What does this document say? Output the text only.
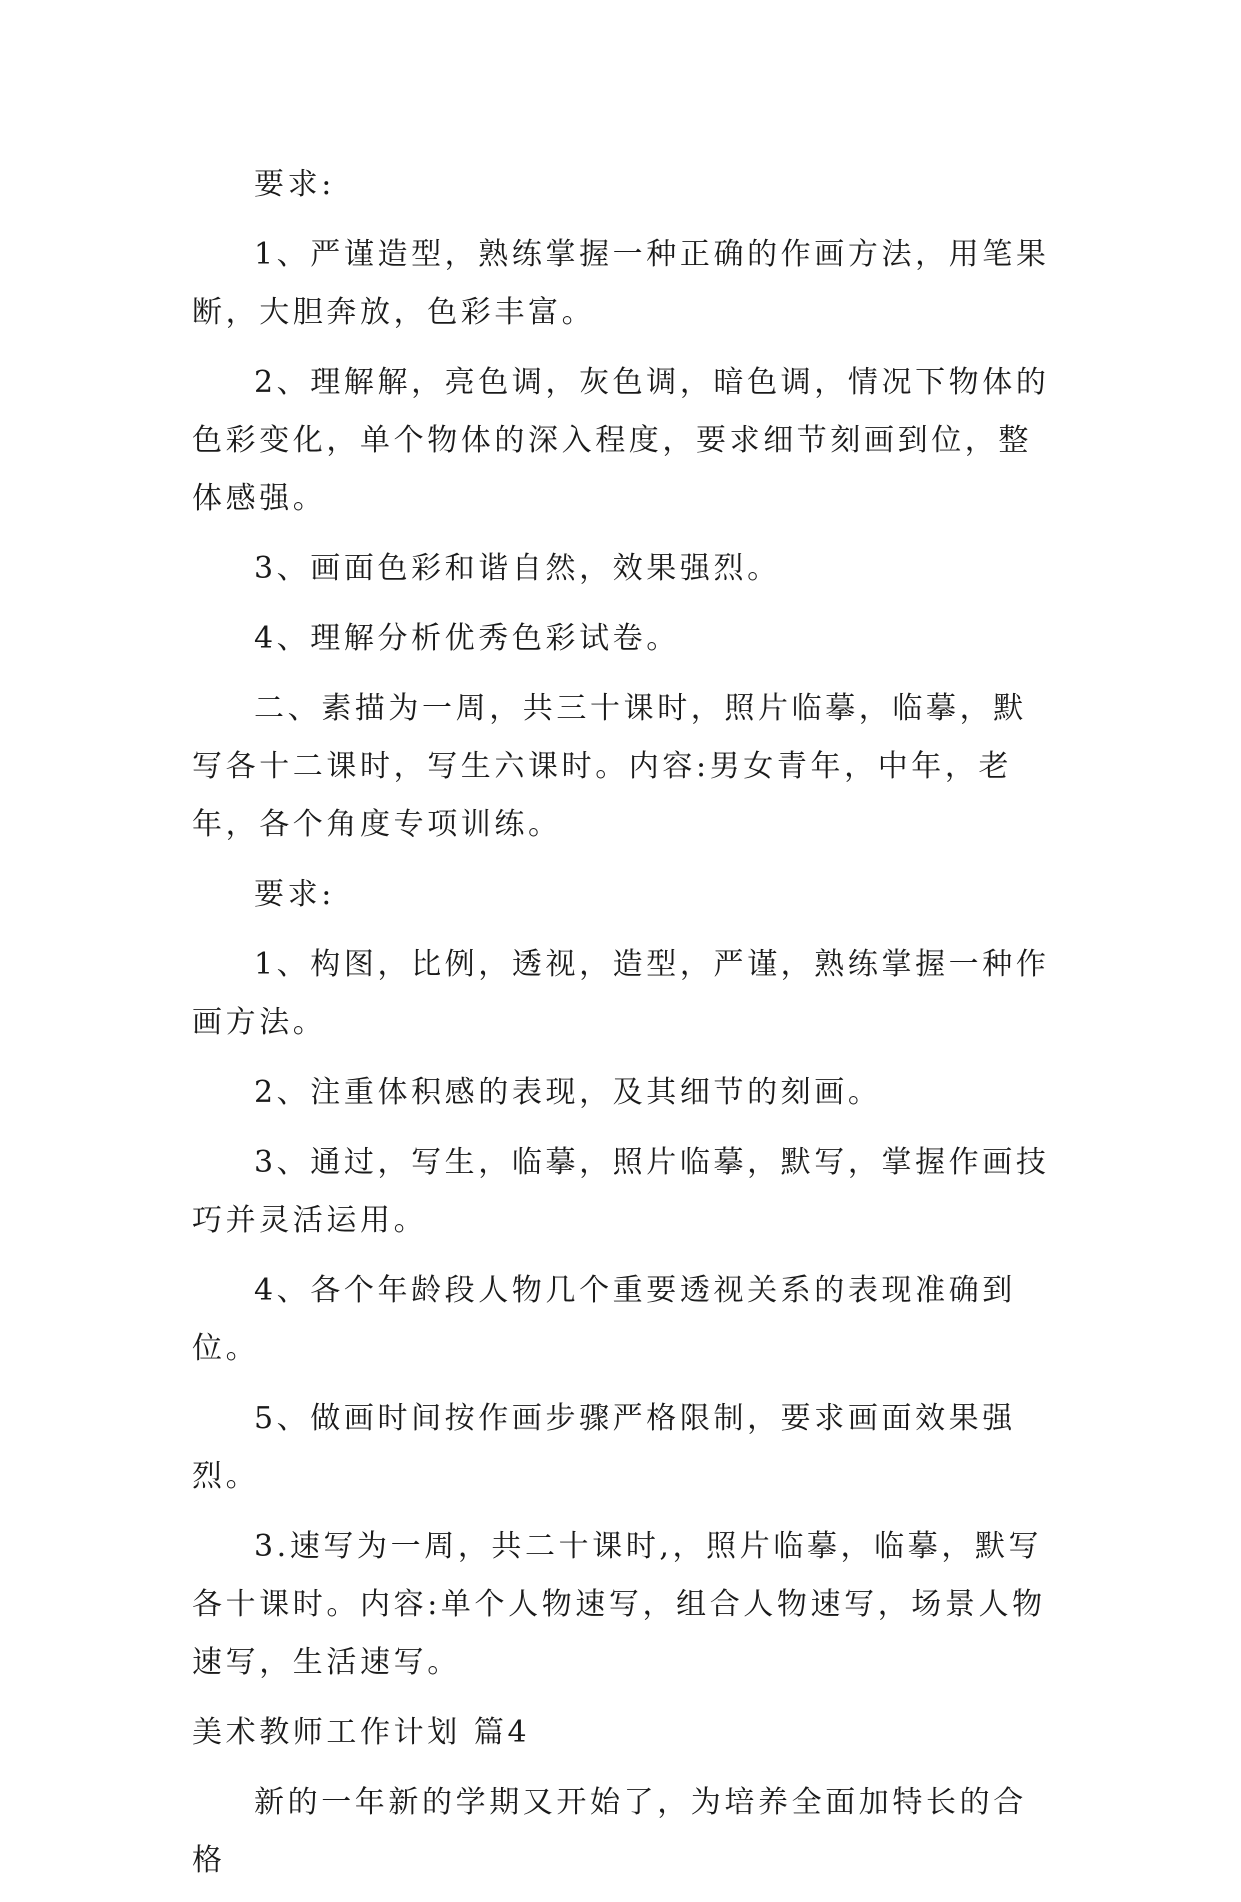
要求:

1、严谨造型，熟练掌握一种正确的作画方法，用笔果断，大胆奔放，色彩丰富。

2、理解解，亮色调，灰色调，暗色调，情况下物体的色彩变化，单个物体的深入程度，要求细节刻画到位，整体感强。

3、画面色彩和谐自然，效果强烈。

4、理解分析优秀色彩试卷。

二、素描为一周，共三十课时，照片临摹，临摹，默写各十二课时，写生六课时。内容:男女青年，中年，老年，各个角度专项训练。

要求:

1、构图，比例，透视，造型，严谨，熟练掌握一种作画方法。

2、注重体积感的表现，及其细节的刻画。

3、通过，写生，临摹，照片临摹，默写，掌握作画技巧并灵活运用。

4、各个年龄段人物几个重要透视关系的表现准确到位。

5、做画时间按作画步骤严格限制，要求画面效果强烈。

3.速写为一周，共二十课时,，照片临摹，临摹，默写各十课时。内容:单个人物速写，组合人物速写，场景人物速写，生活速写。

美术教师工作计划 篇4

新的一年新的学期又开始了，为培养全面加特长的合格
